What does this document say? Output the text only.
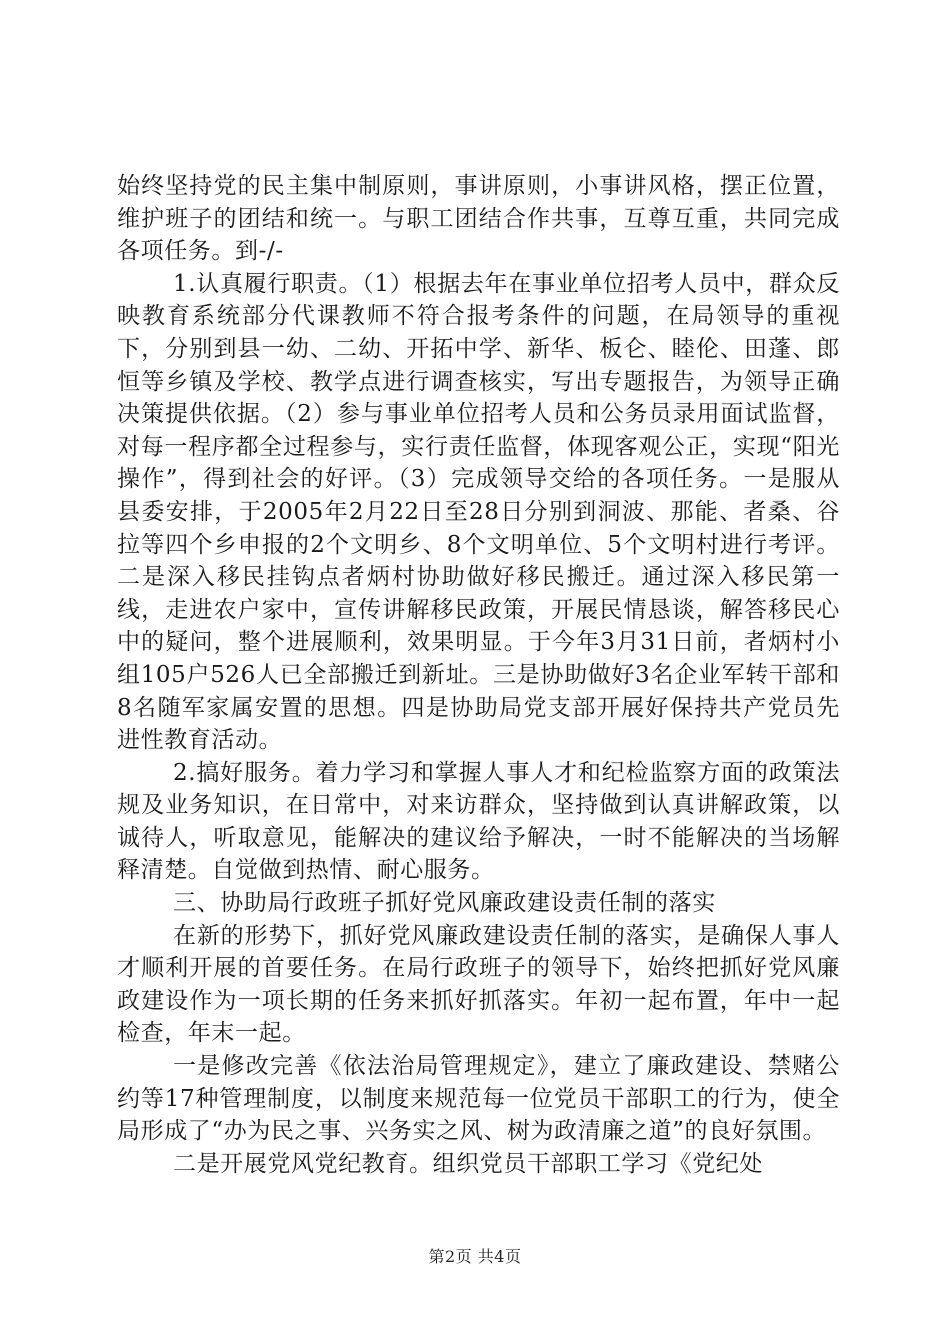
始终坚持党的民主集中制原则，事讲原则，小事讲风格，摆正位置，维护班子的团结和统一。与职工团结合作共事，互尊互重，共同完成各项任务。到-/-

1.认真履行职责。（1）根据去年在事业单位招考人员中，群众反映教育系统部分代课教师不符合报考条件的问题，在局领导的重视下，分别到县一幼、二幼、开拓中学、新华、板仑、睦伦、田蓬、郎恒等乡镇及学校、教学点进行调查核实，写出专题报告，为领导正确决策提供依据。（2）参与事业单位招考人员和公务员录用面试监督，对每一程序都全过程参与，实行责任监督，体现客观公正，实现“阳光操作”，得到社会的好评。（3）完成领导交给的各项任务。一是服从县委安排，于2005年2月22日至28日分别到洞波、那能、者桑、谷拉等四个乡申报的2个文明乡、8个文明单位、5个文明村进行考评。二是深入移民挂钩点者炳村协助做好移民搬迁。通过深入移民第一线，走进农户家中，宣传讲解移民政策，开展民情恳谈，解答移民心中的疑问，整个进展顺利，效果明显。于今年3月31日前，者炳村小组105户526人已全部搬迁到新址。三是协助做好3名企业军转干部和8名随军家属安置的思想。四是协助局党支部开展好保持共产党员先进性教育活动。

2.搞好服务。着力学习和掌握人事人才和纪检监察方面的政策法规及业务知识，在日常中，对来访群众，坚持做到认真讲解政策，以诚待人，听取意见，能解决的建议给予解决，一时不能解决的当场解释清楚。自觉做到热情、耐心服务。

三、协助局行政班子抓好党风廉政建设责任制的落实

在新的形势下，抓好党风廉政建设责任制的落实，是确保人事人才顺利开展的首要任务。在局行政班子的领导下，始终把抓好党风廉政建设作为一项长期的任务来抓好抓落实。年初一起布置，年中一起检查，年末一起。

一是修改完善《依法治局管理规定》，建立了廉政建设、禁赌公约等17种管理制度，以制度来规范每一位党员干部职工的行为，使全局形成了“办为民之事、兴务实之风、树为政清廉之道”的良好氛围。

二是开展党风党纪教育。组织党员干部职工学习《党纪处

第2页 共4页
